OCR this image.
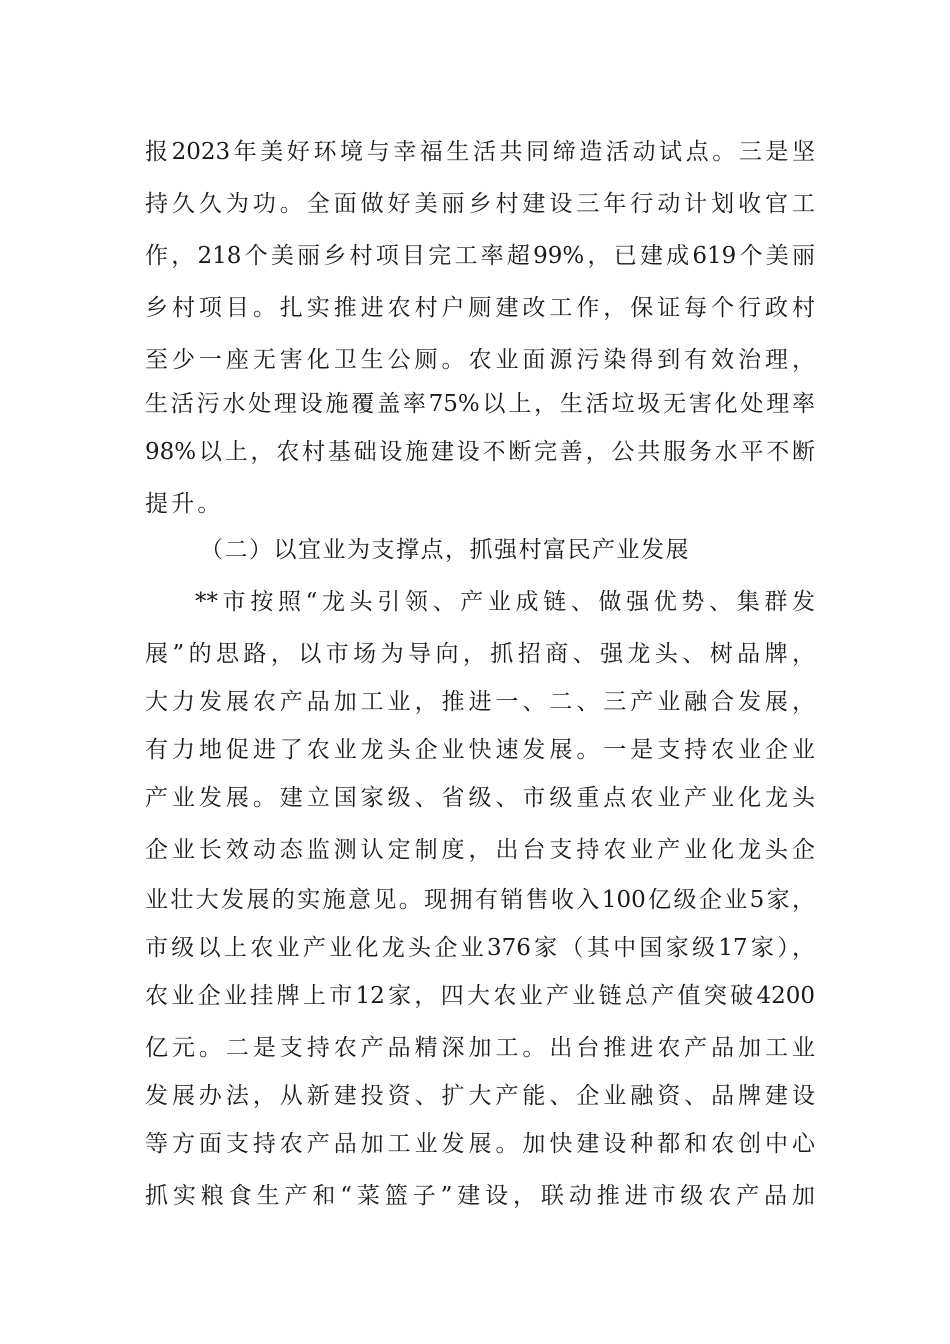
报2023年美好环境与幸福生活共同缔造活动试点。三是坚
持久久为功。全面做好美丽乡村建设三年行动计划收官工
作，218个美丽乡村项目完工率超99%，已建成619个美丽
乡村项目。扎实推进农村户厕建改工作，保证每个行政村
至少一座无害化卫生公厕。农业面源污染得到有效治理，
生活污水处理设施覆盖率75%以上，生活垃圾无害化处理率
98%以上，农村基础设施建设不断完善，公共服务水平不断
提升。
（二）以宜业为支撑点，抓强村富民产业发展
**市按照“龙头引领、产业成链、做强优势、集群发
展”的思路，以市场为导向，抓招商、强龙头、树品牌，
大力发展农产品加工业，推进一、二、三产业融合发展，
有力地促进了农业龙头企业快速发展。一是支持农业企业
产业发展。建立国家级、省级、市级重点农业产业化龙头
企业长效动态监测认定制度，出台支持农业产业化龙头企
业壮大发展的实施意见。现拥有销售收入100亿级企业5家，
市级以上农业产业化龙头企业376家（其中国家级17家），
农业企业挂牌上市12家，四大农业产业链总产值突破4200
亿元。二是支持农产品精深加工。出台推进农产品加工业
发展办法，从新建投资、扩大产能、企业融资、品牌建设
等方面支持农产品加工业发展。加快建设种都和农创中心
抓实粮食生产和“菜篮子”建设，联动推进市级农产品加
